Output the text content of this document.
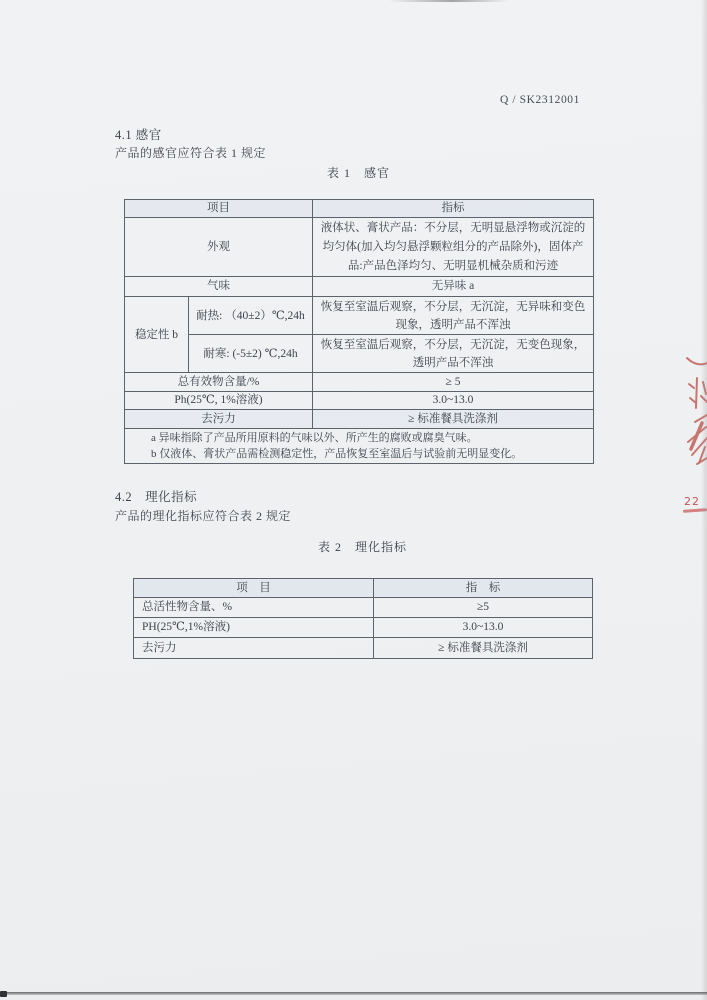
Q / SK2312001
4.1 感官
产品的感官应符合表 1 规定
表 1　感官
项目		指标
外观		液体状、膏状产品：不分层，无明显悬浮物或沉淀的均匀体(加入均匀悬浮颗粒组分的产品除外)，固体产品:产品色泽均匀、无明显机械杂质和污迹
气味		无异味 a
稳定性 b	耐热: （40±2）℃,24h	恢复至室温后观察，不分层，无沉淀，无异味和变色现象，透明产品不浑浊
	耐寒: (-5±2) ℃,24h	恢复至室温后观察，不分层，无沉淀，无变色现象，透明产品不浑浊
总有效物含量/%		≥ 5
Ph(25℃, 1%溶液)		3.0~13.0
去污力		≥ 标准餐具洗涤剂

a 异味指除了产品所用原料的气味以外、所产生的腐败或腐臭气味。
b 仅液体、膏状产品需检测稳定性，产品恢复至室温后与试验前无明显变化。		
4.2　理化指标
产品的理化指标应符合表 2 规定
表 2　理化指标
项　目	指　标
总活性物含量、%	≥5
PH(25℃,1%溶液)	3.0~13.0
去污力	≥ 标准餐具洗涤剂
22
